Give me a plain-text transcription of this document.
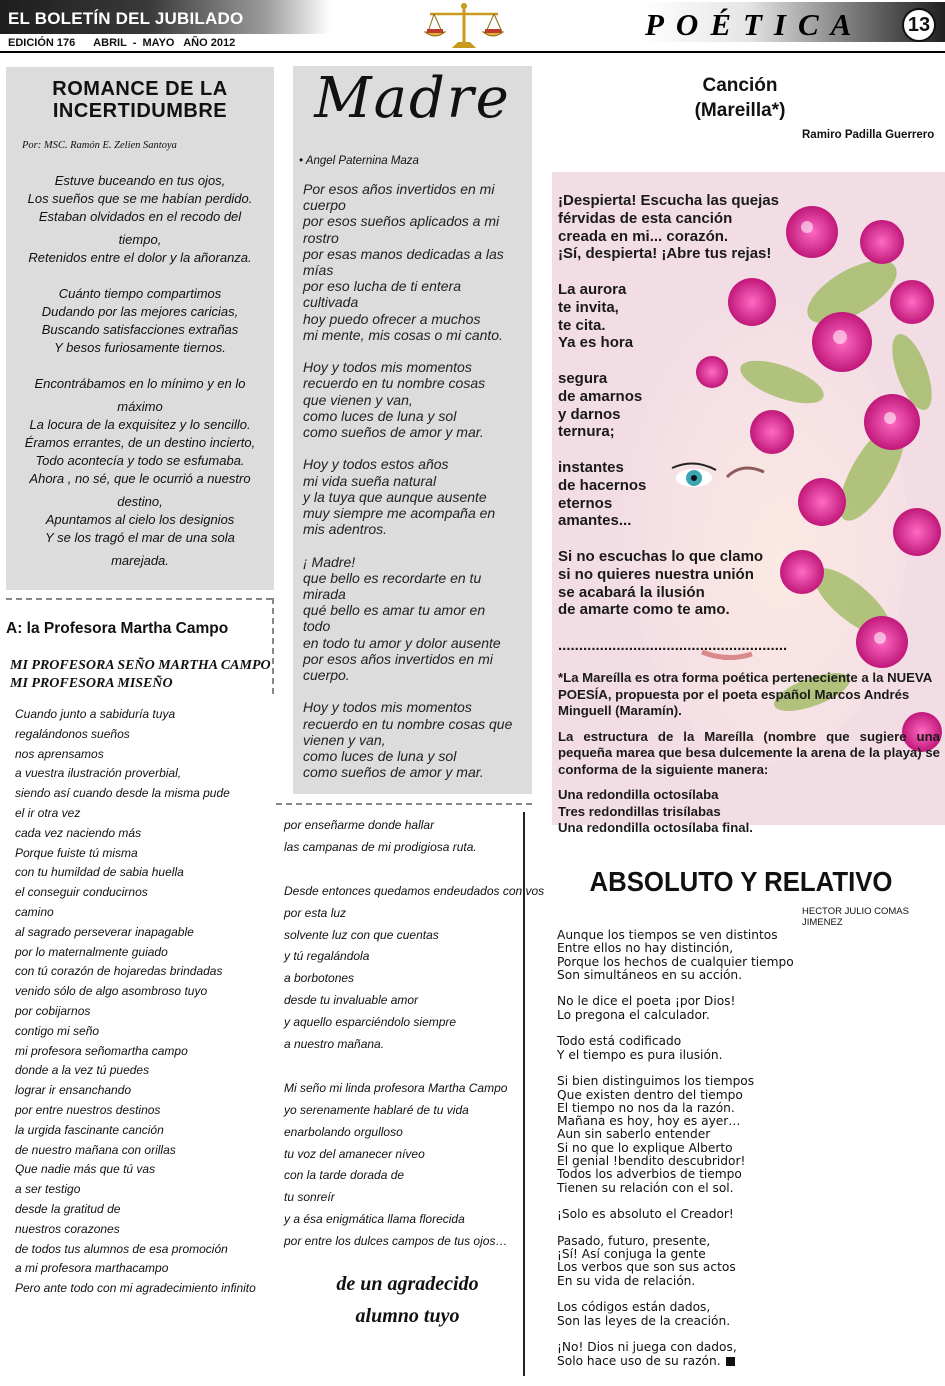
EL BOLETÍN DEL JUBILADO
EDICIÓN 176      ABRIL  -  MAYO   AÑO 2012
POÉTICA 13
ROMANCE DE LA
INCERTIDUMBRE
Por: MSC. Ramón E. Zelien Santoya
Estuve buceando en tus ojos,
Los sueños que se me habían perdido.
Estaban olvidados en el recodo del
tiempo,
Retenidos entre el dolor y la añoranza.
Cuánto tiempo compartimos
Dudando por las mejores caricias,
Buscando satisfacciones extrañas
Y besos furiosamente tiernos.
Encontrábamos en lo mínimo y en lo
máximo
La locura de la exquisitez y lo sencillo.
Éramos errantes, de un destino incierto,
Todo acontecía y todo se esfumaba.
Ahora , no sé, que le ocurrió a nuestro
destino,
Apuntamos al cielo los designios
Y se los tragó el mar de una sola
marejada.
A: la Profesora Martha Campo
MI PROFESORA SEÑO MARTHA CAMPO
MI PROFESORA MISEÑO
Cuando junto a sabiduría tuya
regalándonos sueños
nos aprensamos
a vuestra ilustración proverbial,
siendo así cuando desde la misma pude
el ir otra vez
cada vez naciendo más
Porque fuiste tú misma
con tu humildad de sabia huella
el conseguir conducirnos
camino
al sagrado perseverar inapagable
por lo maternalmente guiado
con tú corazón de hojaredas brindadas
venido sólo de algo asombroso tuyo
por cobijarnos
contigo mi seño
mi profesora señomartha campo
donde a la vez tú puedes
lograr ir ensanchando
por entre nuestros destinos
la urgida fascinante canción
de nuestro mañana con orillas
Que nadie más que tú vas
a ser testigo
desde la gratitud de
nuestros corazones
de todos tus alumnos de esa promoción
a mi profesora marthacampo
Pero ante todo con mi agradecimiento infinito
Madre
• Angel Paternina Maza
Por esos años invertidos en mi
cuerpo
por esos sueños aplicados a mi
rostro
por esas manos dedicadas a las
mías
por eso lucha de ti entera
cultivada
hoy puedo ofrecer a muchos
mi mente, mis cosas o mi canto.
Hoy y todos mis momentos
recuerdo en tu nombre cosas
que vienen y van,
como luces de luna y sol
como sueños de amor y mar.
Hoy y todos estos años
mi vida sueña natural
y la tuya que aunque ausente
muy siempre me acompaña en
mis adentros.
¡ Madre!
que bello es recordarte en tu
mirada
qué bello es amar tu amor en
todo
en todo tu amor y dolor ausente
por esos años invertidos en mi
cuerpo.
Hoy y todos mis momentos
recuerdo en tu nombre cosas que
vienen y van,
como luces de luna y sol
como sueños de amor y mar.
por enseñarme donde hallar
las campanas de mi prodigiosa ruta.
Desde entonces quedamos endeudados con vos
por esta luz
solvente luz con que cuentas
y tú regalándola
a borbotones
desde tu invaluable amor
y aquello esparciéndolo siempre
a nuestro mañana.
Mi seño mi linda profesora Martha Campo
yo serenamente hablaré de tu vida
enarbolando orgulloso
tu voz del amanecer níveo
con la tarde dorada de
tu sonreír
y a ésa enigmática llama florecida
por entre los dulces campos de tus ojos…
de un agradecido
alumno tuyo
Canción
(Mareilla*)
Ramiro Padilla Guerrero
¡Despierta! Escucha las quejas
férvidas de esta canción
creada en mi... corazón.
¡Sí, despierta! ¡Abre tus rejas!
La aurora
te invita,
te cita.
Ya es hora
segura
de amarnos
y darnos
ternura;
instantes
de hacernos
eternos
amantes...
Si no escuchas lo que clamo
si no quieres nuestra unión
se acabará la ilusión
de amarte como te amo.
.......................................................

*La Mareílla es otra forma poética perteneciente a la NUEVA POESÍA, propuesta por el poeta español Marcos Andrés Minguell (Maramín).

La estructura de la Mareílla (nombre que sugiere una pequeña marea que besa dulcemente la arena de la playa) se conforma de la siguiente manera:

Una redondilla octosílaba
Tres redondillas trisílabas
Una redondilla octosílaba final.
ABSOLUTO Y RELATIVO
HECTOR JULIO COMAS JIMENEZ
Aunque los tiempos se ven distintos
Entre ellos no hay distinción,
Porque los hechos de cualquier tiempo
Son simultáneos en su acción.
No le dice el poeta ¡por Dios!
Lo pregona el calculador.
Todo está codificado
Y el tiempo es pura ilusión.
Si bien distinguimos los tiempos
Que existen dentro del tiempo
El tiempo no nos da la razón.
Mañana es hoy, hoy es ayer…
Aun sin saberlo entender
Si no que lo explique Alberto
El genial !bendito descubridor!
Todos los adverbios de tiempo
Tienen su relación con el sol.
¡Solo es absoluto el Creador!
Pasado, futuro, presente,
¡Sí! Así conjuga la gente
Los verbos que son sus actos
En su vida de relación.
Los códigos están dados,
Son las leyes de la creación.
¡No! Dios ni juega con dados,
Solo hace uso de su razón.
